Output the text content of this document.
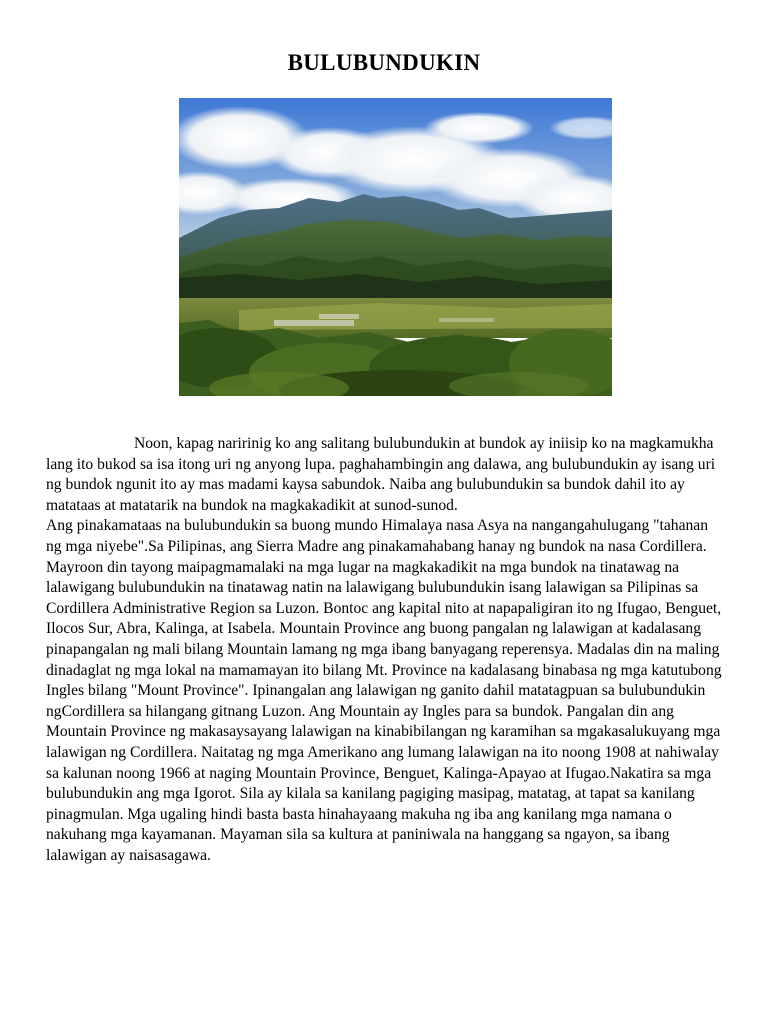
BULUBUNDUKIN

Noon, kapag naririnig ko ang salitang bulubundukin at bundok ay iniisip ko na magkamukha lang ito bukod sa isa itong uri ng anyong lupa. paghahambingin ang dalawa, ang bulubundukin ay isang uri ng bundok ngunit ito ay mas madami kaysa sabundok. Naiba ang bulubundukin sa bundok dahil ito ay matataas at matatarik na bundok na magkakadikit at sunod-sunod.

Ang pinakamataas na bulubundukin sa buong mundo Himalaya nasa Asya na nangangahulugang "tahanan ng mga niyebe".Sa Pilipinas, ang Sierra Madre ang pinakamahabang hanay ng bundok na nasa Cordillera. Mayroon din tayong maipagmamalaki na mga lugar na magkakadikit na mga bundok na tinatawag na lalawigang bulubundukin na tinatawag natin na lalawigang bulubundukin isang lalawigan sa Pilipinas sa Cordillera Administrative Region sa Luzon. Bontoc ang kapital nito at napapaligiran ito ng Ifugao, Benguet, Ilocos Sur, Abra, Kalinga, at Isabela. Mountain Province ang buong pangalan ng lalawigan at kadalasang pinapangalan ng mali bilang Mountain lamang ng mga ibang banyagang reperensya. Madalas din na maling dinadaglat ng mga lokal na mamamayan ito bilang Mt. Province na kadalasang binabasa ng mga katutubong Ingles bilang "Mount Province". Ipinangalan ang lalawigan ng ganito dahil matatagpuan sa bulubundukin ngCordillera sa hilangang gitnang Luzon. Ang Mountain ay Ingles para sa bundok. Pangalan din ang Mountain Province ng makasaysayang lalawigan na kinabibilangan ng karamihan sa mgakasalukuyang mga lalawigan ng Cordillera. Naitatag ng mga Amerikano ang lumang lalawigan na ito noong 1908 at nahiwalay sa kalunan noong 1966 at naging Mountain Province, Benguet, Kalinga-Apayao at Ifugao.Nakatira sa mga bulubundukin ang mga Igorot. Sila ay kilala sa kanilang pagiging masipag, matatag, at tapat sa kanilang pinagmulan. Mga ugaling hindi basta basta hinahayaang makuha ng iba ang kanilang mga namana o nakuhang mga kayamanan. Mayaman sila sa kultura at paniniwala na hanggang sa ngayon, sa ibang lalawigan ay naisasagawa.
